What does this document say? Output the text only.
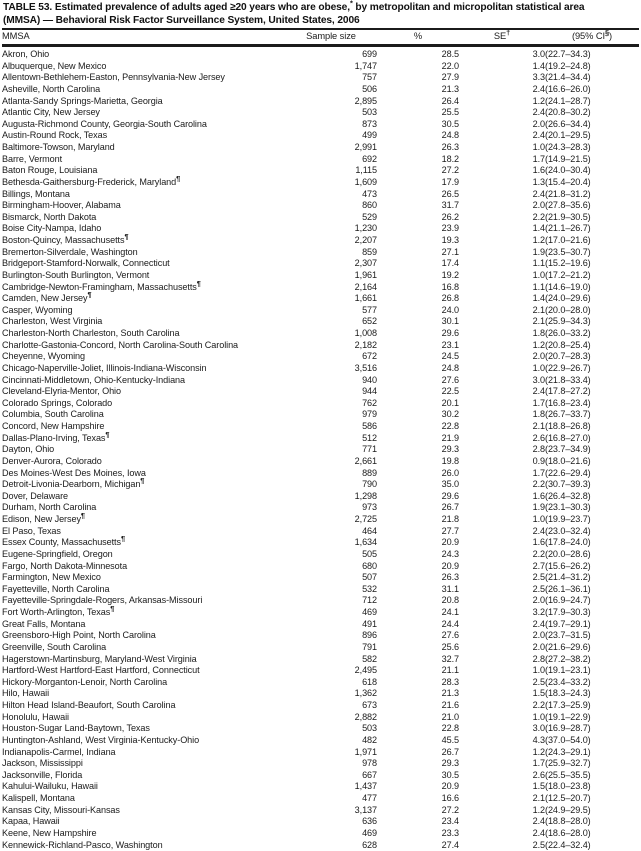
TABLE 53. Estimated prevalence of adults aged ≥20 years who are obese,* by metropolitan and micropolitan statistical area
(MMSA) — Behavioral Risk Factor Surveillance System, United States, 2006
MMSA	Sample size	%	SE†	(95% CI§)
Akron, Ohio	699	28.5	3.0	(22.7–34.3)
Albuquerque, New Mexico	1,747	22.0	1.4	(19.2–24.8)
Allentown-Bethlehem-Easton, Pennsylvania-New Jersey	757	27.9	3.3	(21.4–34.4)
Asheville, North Carolina	506	21.3	2.4	(16.6–26.0)
Atlanta-Sandy Springs-Marietta, Georgia	2,895	26.4	1.2	(24.1–28.7)
Atlantic City, New Jersey	503	25.5	2.4	(20.8–30.2)
Augusta-Richmond County, Georgia-South Carolina	873	30.5	2.0	(26.6–34.4)
Austin-Round Rock, Texas	499	24.8	2.4	(20.1–29.5)
Baltimore-Towson, Maryland	2,991	26.3	1.0	(24.3–28.3)
Barre, Vermont	692	18.2	1.7	(14.9–21.5)
Baton Rouge, Louisiana	1,115	27.2	1.6	(24.0–30.4)
Bethesda-Gaithersburg-Frederick, Maryland¶	1,609	17.9	1.3	(15.4–20.4)
Billings, Montana	473	26.5	2.4	(21.8–31.2)
Birmingham-Hoover, Alabama	860	31.7	2.0	(27.8–35.6)
Bismarck, North Dakota	529	26.2	2.2	(21.9–30.5)
Boise City-Nampa, Idaho	1,230	23.9	1.4	(21.1–26.7)
Boston-Quincy, Massachusetts¶	2,207	19.3	1.2	(17.0–21.6)
Bremerton-Silverdale, Washington	859	27.1	1.9	(23.5–30.7)
Bridgeport-Stamford-Norwalk, Connecticut	2,307	17.4	1.1	(15.2–19.6)
Burlington-South Burlington, Vermont	1,961	19.2	1.0	(17.2–21.2)
Cambridge-Newton-Framingham, Massachusetts¶	2,164	16.8	1.1	(14.6–19.0)
Camden, New Jersey¶	1,661	26.8	1.4	(24.0–29.6)
Casper, Wyoming	577	24.0	2.1	(20.0–28.0)
Charleston, West Virginia	652	30.1	2.1	(25.9–34.3)
Charleston-North Charleston, South Carolina	1,008	29.6	1.8	(26.0–33.2)
Charlotte-Gastonia-Concord, North Carolina-South Carolina	2,182	23.1	1.2	(20.8–25.4)
Cheyenne, Wyoming	672	24.5	2.0	(20.7–28.3)
Chicago-Naperville-Joliet, Illinois-Indiana-Wisconsin	3,516	24.8	1.0	(22.9–26.7)
Cincinnati-Middletown, Ohio-Kentucky-Indiana	940	27.6	3.0	(21.8–33.4)
Cleveland-Elyria-Mentor, Ohio	944	22.5	2.4	(17.8–27.2)
Colorado Springs, Colorado	762	20.1	1.7	(16.8–23.4)
Columbia, South Carolina	979	30.2	1.8	(26.7–33.7)
Concord, New Hampshire	586	22.8	2.1	(18.8–26.8)
Dallas-Plano-Irving, Texas¶	512	21.9	2.6	(16.8–27.0)
Dayton, Ohio	771	29.3	2.8	(23.7–34.9)
Denver-Aurora, Colorado	2,661	19.8	0.9	(18.0–21.6)
Des Moines-West Des Moines, Iowa	889	26.0	1.7	(22.6–29.4)
Detroit-Livonia-Dearborn, Michigan¶	790	35.0	2.2	(30.7–39.3)
Dover, Delaware	1,298	29.6	1.6	(26.4–32.8)
Durham, North Carolina	973	26.7	1.9	(23.1–30.3)
Edison, New Jersey¶	2,725	21.8	1.0	(19.9–23.7)
El Paso, Texas	464	27.7	2.4	(23.0–32.4)
Essex County, Massachusetts¶	1,634	20.9	1.6	(17.8–24.0)
Eugene-Springfield, Oregon	505	24.3	2.2	(20.0–28.6)
Fargo, North Dakota-Minnesota	680	20.9	2.7	(15.6–26.2)
Farmington, New Mexico	507	26.3	2.5	(21.4–31.2)
Fayetteville, North Carolina	532	31.1	2.5	(26.1–36.1)
Fayetteville-Springdale-Rogers, Arkansas-Missouri	712	20.8	2.0	(16.9–24.7)
Fort Worth-Arlington, Texas¶	469	24.1	3.2	(17.9–30.3)
Great Falls, Montana	491	24.4	2.4	(19.7–29.1)
Greensboro-High Point, North Carolina	896	27.6	2.0	(23.7–31.5)
Greenville, South Carolina	791	25.6	2.0	(21.6–29.6)
Hagerstown-Martinsburg, Maryland-West Virginia	582	32.7	2.8	(27.2–38.2)
Hartford-West Hartford-East Hartford, Connecticut	2,495	21.1	1.0	(19.1–23.1)
Hickory-Morganton-Lenoir, North Carolina	618	28.3	2.5	(23.4–33.2)
Hilo, Hawaii	1,362	21.3	1.5	(18.3–24.3)
Hilton Head Island-Beaufort, South Carolina	673	21.6	2.2	(17.3–25.9)
Honolulu, Hawaii	2,882	21.0	1.0	(19.1–22.9)
Houston-Sugar Land-Baytown, Texas	503	22.8	3.0	(16.9–28.7)
Huntington-Ashland, West Virginia-Kentucky-Ohio	482	45.5	4.3	(37.0–54.0)
Indianapolis-Carmel, Indiana	1,971	26.7	1.2	(24.3–29.1)
Jackson, Mississippi	978	29.3	1.7	(25.9–32.7)
Jacksonville, Florida	667	30.5	2.6	(25.5–35.5)
Kahului-Wailuku, Hawaii	1,437	20.9	1.5	(18.0–23.8)
Kalispell, Montana	477	16.6	2.1	(12.5–20.7)
Kansas City, Missouri-Kansas	3,137	27.2	1.2	(24.9–29.5)
Kapaa, Hawaii	636	23.4	2.4	(18.8–28.0)
Keene, New Hampshire	469	23.3	2.4	(18.6–28.0)
Kennewick-Richland-Pasco, Washington	628	27.4	2.5	(22.4–32.4)
